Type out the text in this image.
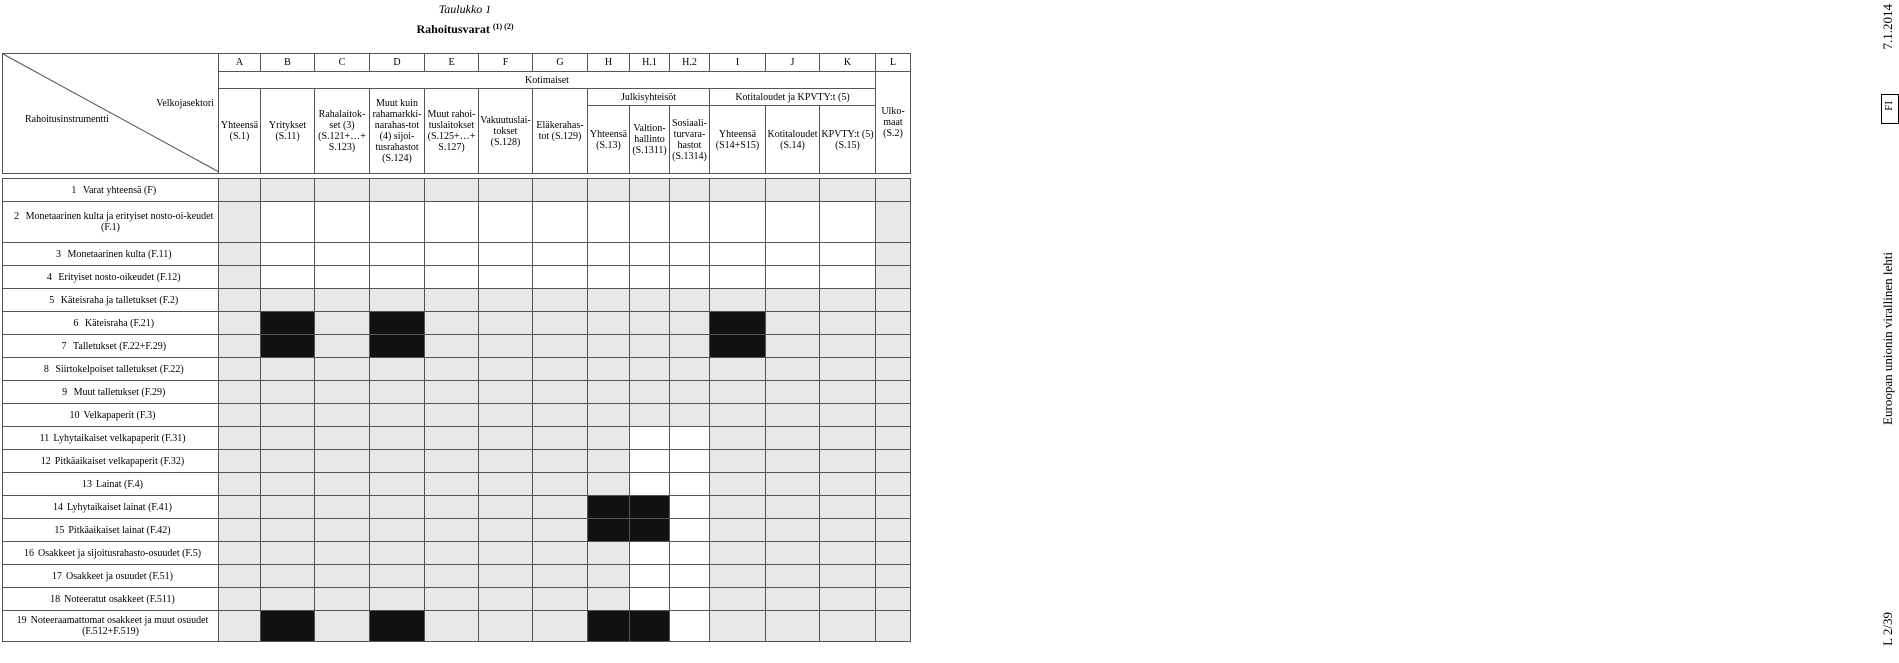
Taulukko 1
Rahoitusvarat $^{(1) (2)}$
Rahoitusinstrumentti
Velkojasektori	A	B	C	D	E	F	G	H	H.1	H.2	I	J	K	L
	Kotimaiset													Ulko-maat (S.2)
	Yhteensä (S.1)	Yritykset (S.11)	Rahalaitok-set (3) (S.121+…+ S.123)	Muut kuin rahamarkki-narahas-tot (4) sijoi-tusrahastot (S.124)	Muut rahoi-tuslaitokset (S.125+…+ S.127)	Vakuutuslai-tokset (S.128)	Eläkerahas-tot (S.129)	Julkisyhteisöt			Kotitaloudet ja KPVTY:t (5)			
								Yhteensä (S.13)	Valtion-hallinto (S.1311)	Sosiaali-turvara-hastot (S.1314)	Yhteensä (S14+S15)	Kotitaloudet (S.14)	KPVTY:t (5) (S.15)	

1 Varat yhteensä (F)														
2 Monetaarinen kulta ja erityiset nosto-oi-keudet (F.1)														
3 Monetaarinen kulta (F.11)														
4 Erityiset nosto-oikeudet (F.12)														
5 Käteisraha ja talletukset (F.2)														
6 Käteisraha (F.21)														
7 Talletukset (F.22+F.29)														
8 Siirtokelpoiset talletukset (F.22)														
9 Muut talletukset (F.29)														
10 Velkapaperit (F.3)														
11 Lyhytaikaiset velkapaperit (F.31)														
12 Pitkäaikaiset velkapaperit (F.32)														
13 Lainat (F.4)														
14 Lyhytaikaiset lainat (F.41)														
15 Pitkäaikaiset lainat (F.42)														
16 Osakkeet ja sijoitusrahasto-osuudet (F.5)														
17 Osakkeet ja osuudet (F.51)														
18 Noteeratut osakkeet (F.511)														
19 Noteeraamattomat osakkeet ja muut osuudet (F.512+F.519)														
7.1.2014
FI
Euroopan unionin virallinen lehti
L 2/39
